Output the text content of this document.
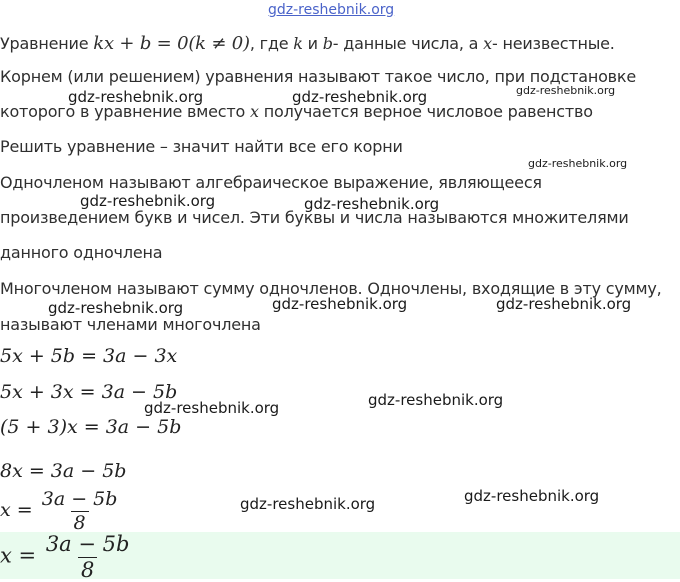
gdz-reshebnik.org
Уравнение kx + b = 0(k ≠ 0), где k и b- данные числа, а x- неизвестные.
Корнем (или решением) уравнения называют такое число, при подстановке
которого в уравнение вместо x получается верное числовое равенство
Решить уравнение – значит найти все его корни
Одночленом называют алгебраическое выражение, являющееся
произведением букв и чисел. Эти буквы и числа называются множителями
данного одночлена
Многочленом называют сумму одночленов. Одночлены, входящие в эту сумму,
называют членами многочлена
5x + 5b = 3a − 3x
5x + 3x = 3a − 5b
(5 + 3)x = 3a − 5b
8x = 3a − 5b
$x = \frac{3a - 5b}{8}$
$x = \frac{3a - 5b}{8}$
gdz-reshebnik.org	gdz-reshebnik.org	gdz-reshebnik.org
gdz-reshebnik.org
gdz-reshebnik.org	gdz-reshebnik.org
gdz-reshebnik.org	gdz-reshebnik.org	gdz-reshebnik.org
gdz-reshebnik.org	gdz-reshebnik.org
gdz-reshebnik.org	gdz-reshebnik.org
